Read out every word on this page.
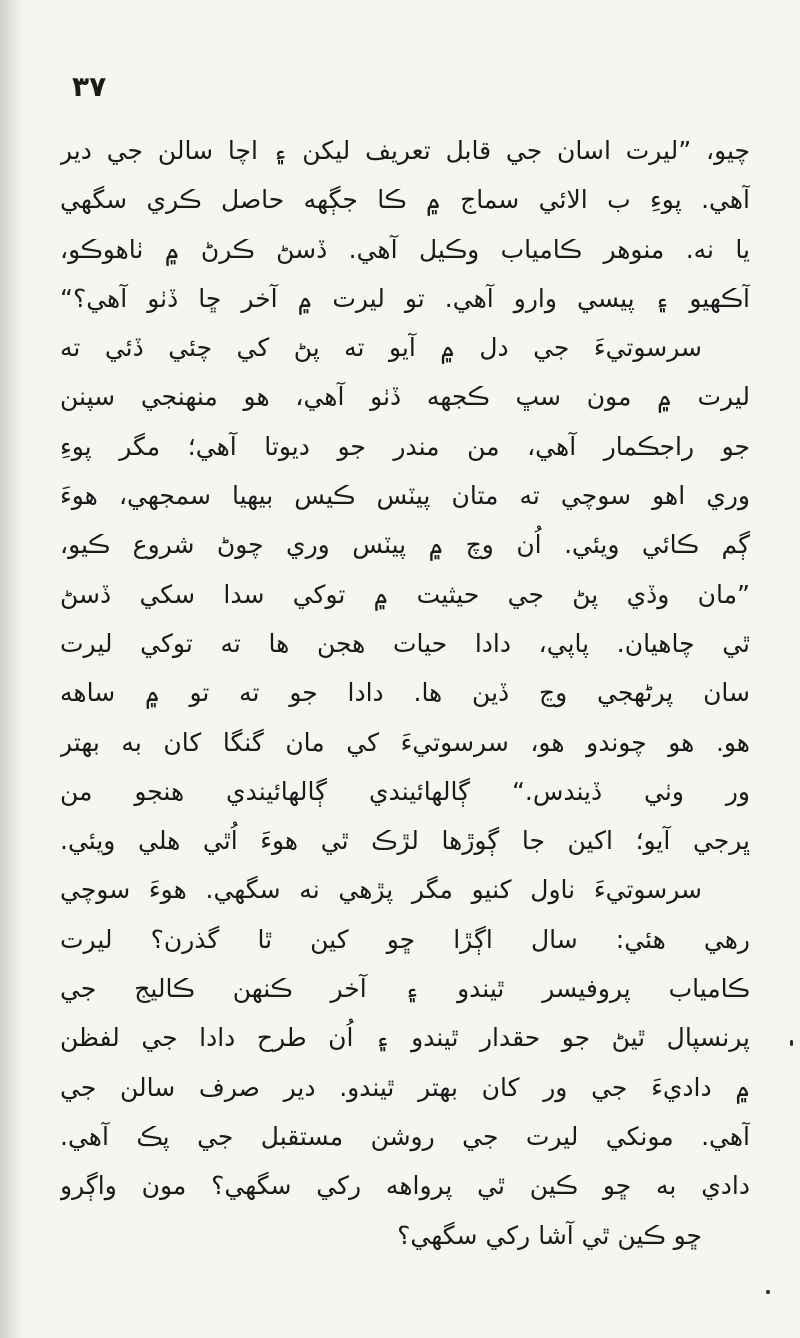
۳۷
چيو، ”ليرت اسان جي قابل تعريف ليکن ۽ اچا سالن جي دير
آهي. پوءِ ب الائي سماج ۾ ڪا جڳهه حاصل ڪري سگهي
يا نه. منوهر ڪامياب وڪيل آهي. ڏسڻ ڪرڻ ۾ ٺاهوڪو،
آڪهيو ۽ پيسي وارو آهي. تو ليرت ۾ آخر ڇا ڏٺو آهي؟“
سرسوتيءَ جي دل ۾ آيو ته پڻ کي چئي ڏئي ته
ليرت ۾ مون سڀ ڪجهه ڏٺو آهي، هو منهنجي سپنن
جو راجڪمار آهي، من مندر جو ديوتا آهي؛ مگر پوءِ
وري اهو سوچي ته متان پيٽس ڪيس بيهيا سمجهي، هوءَ
ڳم ڪائي ويئي. اُن وچ ۾ پيٽس وري چوڻ شروع ڪيو،
”مان وڏي پڻ جي حيثيت ۾ توکي سدا سکي ڏسڻ
ٿي چاهيان. پاپي، دادا حيات هجن ها ته توکي ليرت
سان پرڻهجي وڃ ڏين ها. دادا جو ته تو ۾ ساهه
هو. هو چوندو هو، سرسوتيءَ کي مان گنگا کان به بهتر
ور وٺي ڏيندس.“ ڳالهائيندي ڳالهائيندي هنجو من
ڀرجي آيو؛ اکين جا ڳوڙها لڙڪ ٿي هوءَ اُٿي هلي ويئي.
سرسوتيءَ ناول کنيو مگر پڙهي نه سگهي. هوءَ سوچي
رهي هئي: سال اڳڙا ڇو کين ٿا گذرن؟ ليرت
ڪامياب پروفيسر ٿيندو ۽ آخر ڪنهن ڪاليج جي
پرنسپال ٿيڻ جو حقدار ٿيندو ۽ اُن طرح دادا جي لفظن
۾ داديءَ جي ور کان بهتر ٿيندو. دير صرف سالن جي
آهي. مونکي ليرت جي روشن مستقبل جي پڪ آهي.
دادي به ڇو ڪين ٿي پرواهه رکي سگهي؟ مون واڳرو
ڇو ڪين ٿي آشا رکي سگهي؟
